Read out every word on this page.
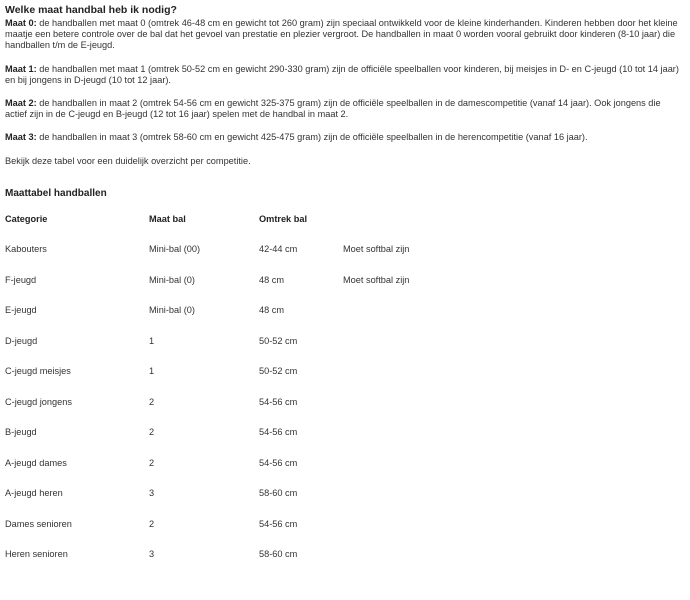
Welke maat handbal heb ik nodig?

Maat 0: de handballen met maat 0 (omtrek 46-48 cm en gewicht tot 260 gram) zijn speciaal ontwikkeld voor de kleine kinderhanden. Kinderen hebben door het kleine maatje een betere controle over de bal dat het gevoel van prestatie en plezier vergroot. De handballen in maat 0 worden vooral gebruikt door kinderen (8-10 jaar) die handballen t/m de E-jeugd.

Maat 1: de handballen met maat 1 (omtrek 50-52 cm en gewicht 290-330 gram) zijn de officiële speelballen voor kinderen, bij meisjes in D- en C-jeugd (10 tot 14 jaar) en bij jongens in D-jeugd (10 tot 12 jaar).

Maat 2: de handballen in maat 2 (omtrek 54-56 cm en gewicht 325-375 gram) zijn de officiële speelballen in de damescompetitie (vanaf 14 jaar). Ook jongens die actief zijn in de C-jeugd en B-jeugd (12 tot 16 jaar) spelen met de handbal in maat 2.

Maat 3: de handballen in maat 3 (omtrek 58-60 cm en gewicht 425-475 gram) zijn de officiële speelballen in de herencompetitie (vanaf 16 jaar).

Bekijk deze tabel voor een duidelijk overzicht per competitie.

Maattabel handballen
Categorie	Maat bal	Omtrek bal	
Kabouters	Mini-bal (00)	42-44 cm	Moet softbal zijn
F-jeugd	Mini-bal (0)	48 cm	Moet softbal zijn
E-jeugd	Mini-bal (0)	48 cm	
D-jeugd	1	50-52 cm	
C-jeugd meisjes	1	50-52 cm	
C-jeugd jongens	2	54-56 cm	
B-jeugd	2	54-56 cm	
A-jeugd dames	2	54-56 cm	
A-jeugd heren	3	58-60 cm	
Dames senioren	2	54-56 cm	
Heren senioren	3	58-60 cm	
